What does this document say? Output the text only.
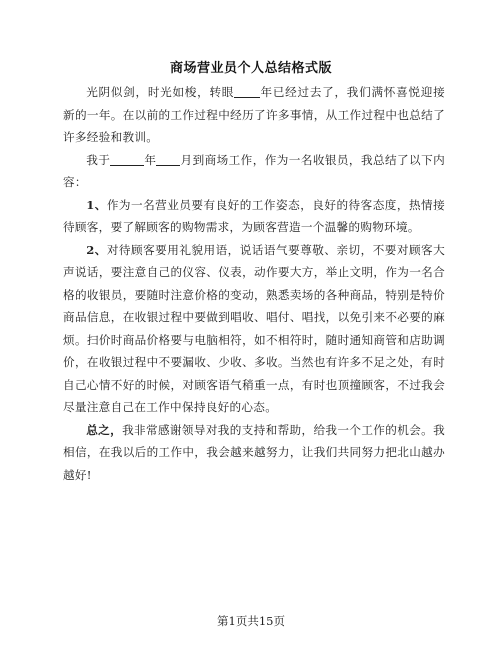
商场营业员个人总结格式版

光阴似剑，时光如梭，转眼 年已经过去了，我们满怀喜悦迎接新的一年。在以前的工作过程中经历了许多事情，从工作过程中也总结了许多经验和教训。

我于	年 月到商场工作，作为一名收银员，我总结了以下内容：

1、作为一名营业员要有良好的工作姿态，良好的待客态度，热情接待顾客，要了解顾客的购物需求，为顾客营造一个温馨的购物环境。

2、对待顾客要用礼貌用语，说话语气要尊敬、亲切，不要对顾客大声说话，要注意自己的仪容、仪表，动作要大方，举止文明，作为一名合格的收银员，要随时注意价格的变动，熟悉卖场的各种商品，特别是特价商品信息，在收银过程中要做到唱收、唱付、唱找，以免引来不必要的麻烦。扫价时商品价格要与电脑相符，如不相符时，随时通知商管和店助调价，在收银过程中不要漏收、少收、多收。当然也有许多不足之处，有时自己心情不好的时候，对顾客语气稍重一点，有时也顶撞顾客，不过我会尽量注意自己在工作中保持良好的心态。

总之，我非常感谢领导对我的支持和帮助，给我一个工作的机会。我相信，在我以后的工作中，我会越来越努力，让我们共同努力把北山越办越好!

第1页共15页
